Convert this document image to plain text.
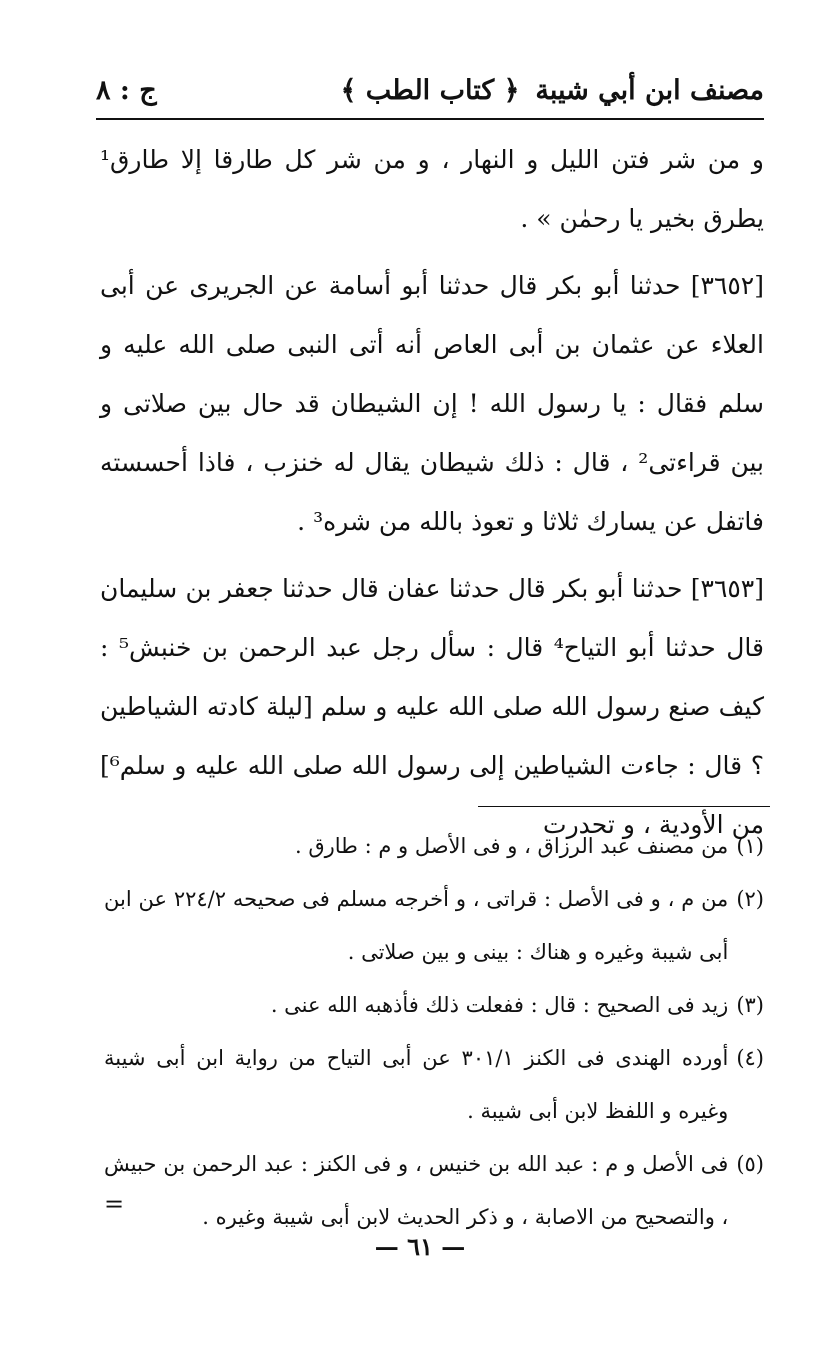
مصنف ابن أبي شيبة
﴿ كتاب الطب ﴾
ج : ٨

و من شر فتن الليل و النهار ، و من شر كل طارقا إلا طارق¹ يطرق بخير يا رحمٰن » .

[٣٦٥٢] حدثنا أبو بكر قال حدثنا أبو أسامة عن الجريرى عن أبى العلاء عن عثمان بن أبى العاص أنه أتى النبى صلى الله عليه و سلم فقال : يا رسول الله ! إن الشيطان قد حال بين صلاتى و بين قراءتى² ، قال : ذلك شيطان يقال له خنزب ، فاذا أحسسته فاتفل عن يسارك ثلاثا و تعوذ بالله من شره³ .

[٣٦٥٣] حدثنا أبو بكر قال حدثنا عفان قال حدثنا جعفر بن سليمان قال حدثنا أبو التياح⁴ قال : سأل رجل عبد الرحمن بن خنبش⁵ : كيف صنع رسول الله صلى الله عليه و سلم [ليلة كادته الشياطين ؟ قال : جاءت الشياطين إلى رسول الله صلى الله عليه و سلم⁶] من الأودية ، و تحدرت

(١)
من مصنف عبد الرزاق ، و فى الأصل و م : طارق .
(٢)
من م ، و فى الأصل : قراتى ، و أخرجه مسلم فى صحيحه ٢٢٤/٢ عن ابن أبى شيبة وغيره و هناك : بينى و بين صلاتى .
(٣)
زيد فى الصحيح : قال : ففعلت ذلك فأذهبه الله عنى .
(٤)
أورده الهندى فى الكنز ٣٠١/١ عن أبى التياح من رواية ابن أبى شيبة وغيره و اللفظ لابن أبى شيبة .
(٥)
فى الأصل و م : عبد الله بن خنيس ، و فى الكنز : عبد الرحمن بن حبيش ، والتصحيح من الاصابة ، و ذكر الحديث لابن أبى شيبة وغيره .
=
— ٦١ —
